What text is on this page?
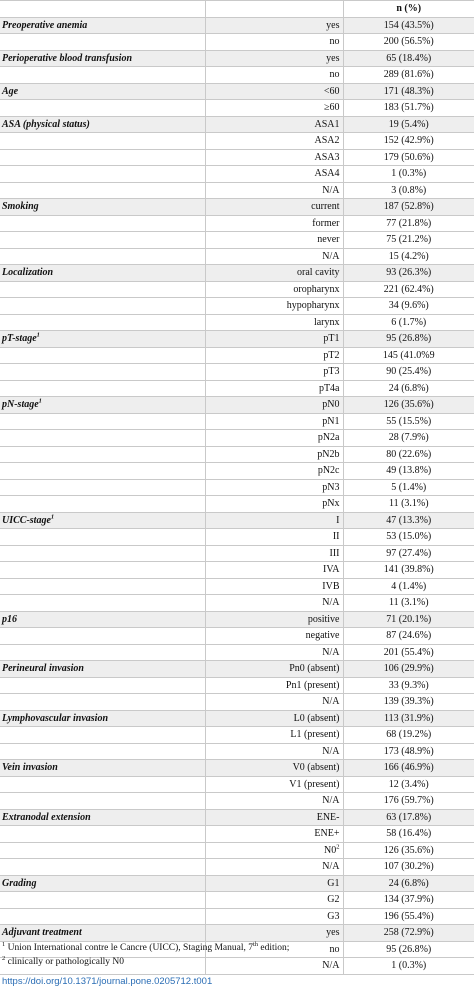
		n (%)
Preoperative anemia	yes	154 (43.5%)
	no	200 (56.5%)
Perioperative blood transfusion	yes	65 (18.4%)
	no	289 (81.6%)
Age	<60	171 (48.3%)
	≥60	183 (51.7%)
ASA (physical status)	ASA1	19 (5.4%)
	ASA2	152 (42.9%)
	ASA3	179 (50.6%)
	ASA4	1 (0.3%)
	N/A	3 (0.8%)
Smoking	current	187 (52.8%)
	former	77 (21.8%)
	never	75 (21.2%)
	N/A	15 (4.2%)
Localization	oral cavity	93 (26.3%)
	oropharynx	221 (62.4%)
	hypopharynx	34 (9.6%)
	larynx	6 (1.7%)
pT-stage$^1$	pT1	95 (26.8%)
	pT2	145 (41.0%9
	pT3	90 (25.4%)
	pT4a	24 (6.8%)
pN-stage$^1$	pN0	126 (35.6%)
	pN1	55 (15.5%)
	pN2a	28 (7.9%)
	pN2b	80 (22.6%)
	pN2c	49 (13.8%)
	pN3	5 (1.4%)
	pNx	11 (3.1%)
UICC-stage$^1$	I	47 (13.3%)
	II	53 (15.0%)
	III	97 (27.4%)
	IVA	141 (39.8%)
	IVB	4 (1.4%)
	N/A	11 (3.1%)
p16	positive	71 (20.1%)
	negative	87 (24.6%)
	N/A	201 (55.4%)
Perineural invasion	Pn0 (absent)	106 (29.9%)
	Pn1 (present)	33 (9.3%)
	N/A	139 (39.3%)
Lymphovascular invasion	L0 (absent)	113 (31.9%)
	L1 (present)	68 (19.2%)
	N/A	173 (48.9%)
Vein invasion	V0 (absent)	166 (46.9%)
	V1 (present)	12 (3.4%)
	N/A	176 (59.7%)
Extranodal extension	ENE-	63 (17.8%)
	ENE+	58 (16.4%)
	$N0^2$	126 (35.6%)
	N/A	107 (30.2%)
Grading	G1	24 (6.8%)
	G2	134 (37.9%)
	G3	196 (55.4%)
Adjuvant treatment	yes	258 (72.9%)
	no	95 (26.8%)
	N/A	1 (0.3%)
$^1$ Union International contre le Cancre (UICC), Staging Manual, 7th edition;
$^2$ clinically or pathologically N0
https://doi.org/10.1371/journal.pone.0205712.t001
